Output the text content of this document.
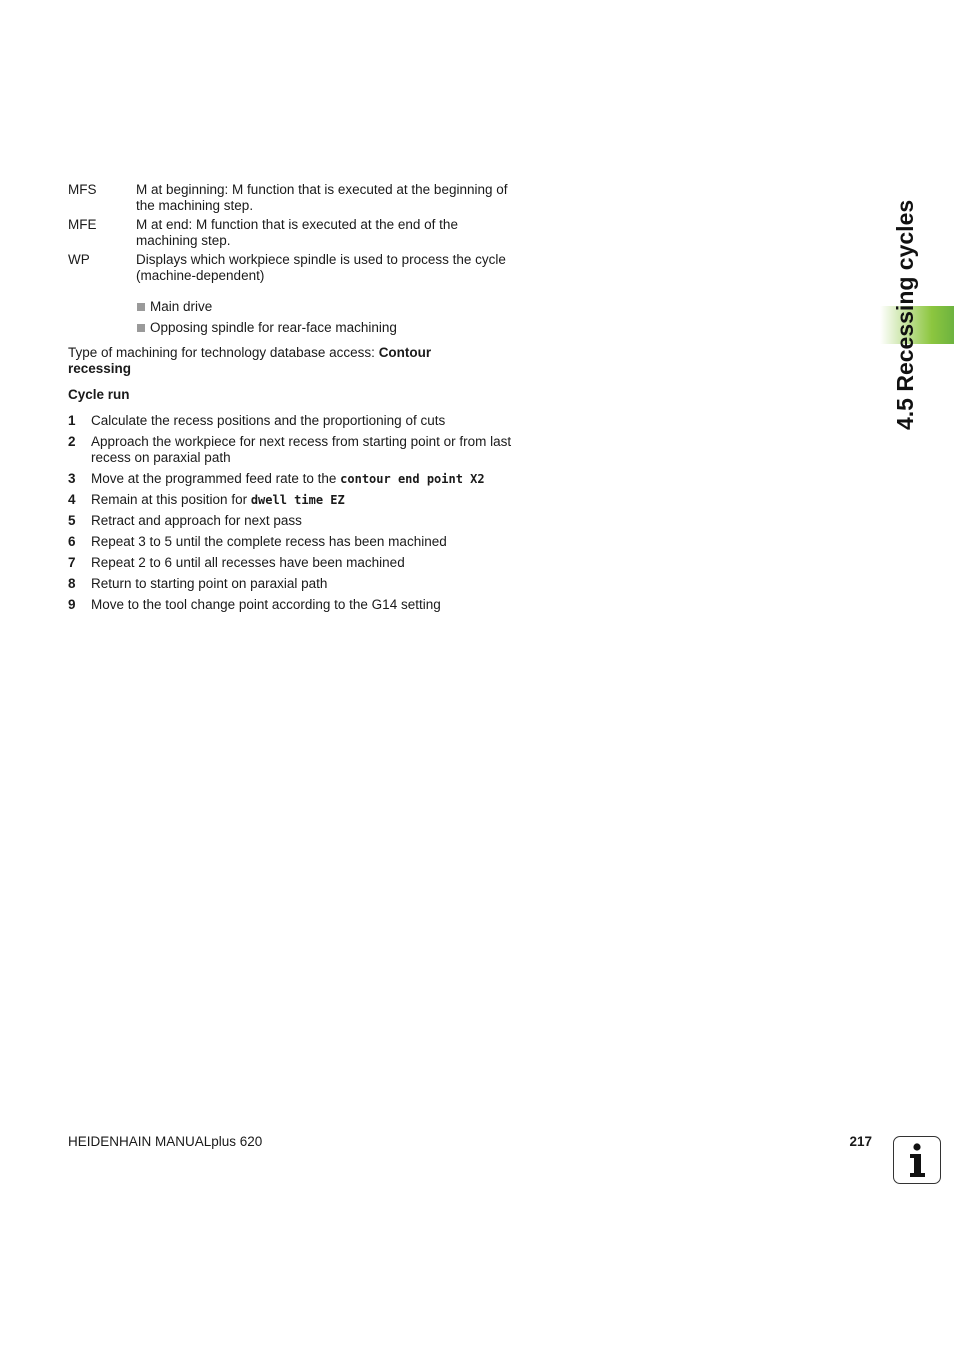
MFS	M at beginning: M function that is executed at the beginning of the machining step.
MFE	M at end: M function that is executed at the end of the machining step.
WP	Displays which workpiece spindle is used to process the cycle (machine-dependent)
Main drive
Opposing spindle for rear-face machining
Type of machining for technology database access: Contour recessing
Cycle run
1	Calculate the recess positions and the proportioning of cuts
2	Approach the workpiece for next recess from starting point or from last recess on paraxial path
3	Move at the programmed feed rate to the contour end point X2
4	Remain at this position for dwell time EZ
5	Retract and approach for next pass
6	Repeat 3 to 5 until the complete recess has been machined
7	Repeat 2 to 6 until all recesses have been machined
8	Return to starting point on paraxial path
9	Move to the tool change point according to the G14 setting
4.5 Recessing cycles
HEIDENHAIN MANUALplus 620	217
